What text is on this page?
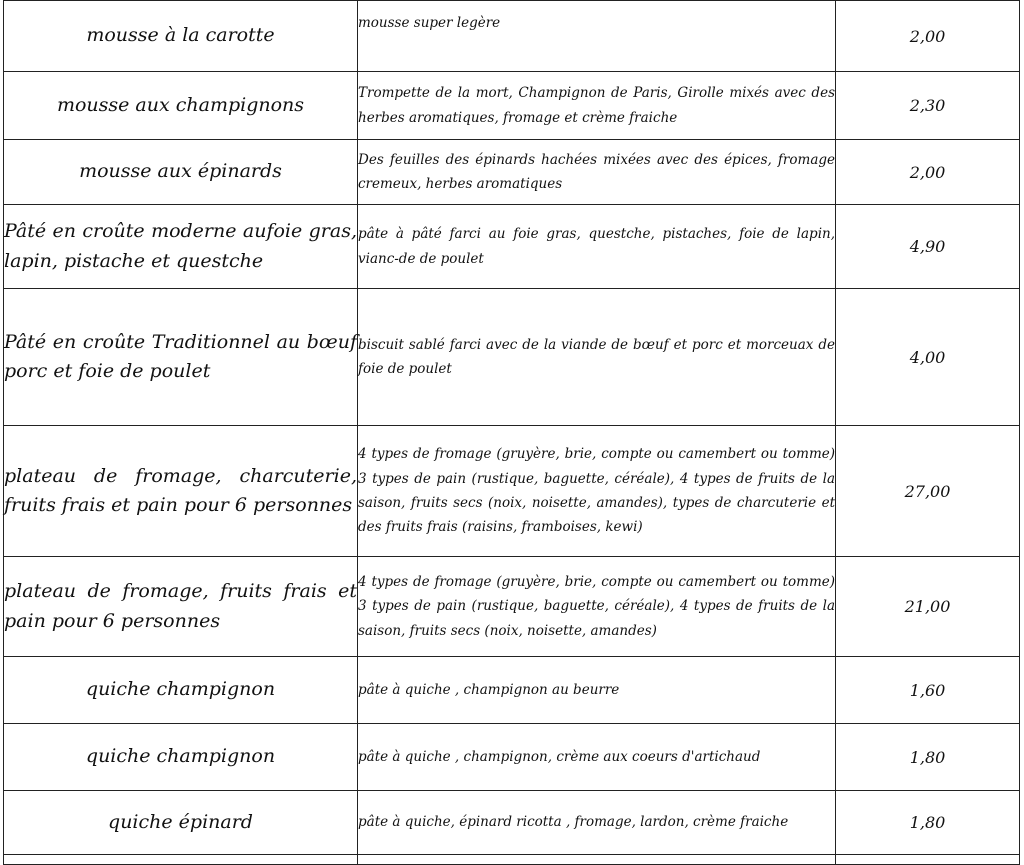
mousse à la carotte	mousse super legère	2,00
mousse aux champignons	Trompette de la mort, Champignon de Paris, Girolle mixés avec des herbes aromatiques, fromage et crème fraiche	2,30
mousse aux épinards	Des feuilles des épinards hachées mixées avec des épices, fromage cremeux, herbes aromatiques	2,00
Pâté en croûte moderne aufoie gras, lapin, pistache et questche	pâte à pâté farci au foie gras, questche, pistaches, foie de lapin, vianc-de de poulet	4,90
Pâté en croûte Traditionnel au bœuf porc et foie de poulet	biscuit sablé farci avec de la viande de bœuf et porc et morceuax de foie de poulet	4,00
plateau de fromage, charcuterie, fruits frais et pain pour 6 personnes	4 types de fromage (gruyère, brie, compte ou camembert ou tomme) 3 types de pain (rustique, baguette, céréale), 4 types de fruits de la saison, fruits secs (noix, noisette, amandes), types de charcuterie et des fruits frais (raisins, framboises, kewi)	27,00
plateau de fromage, fruits frais et pain pour 6 personnes	4 types de fromage (gruyère, brie, compte ou camembert ou tomme) 3 types de pain (rustique, baguette, céréale), 4 types de fruits de la saison, fruits secs (noix, noisette, amandes)	21,00
quiche champignon	pâte à quiche , champignon au beurre	1,60
quiche champignon	pâte à quiche , champignon, crème aux coeurs d'artichaud	1,80
quiche épinard	pâte à quiche, épinard ricotta , fromage, lardon, crème fraiche	1,80
